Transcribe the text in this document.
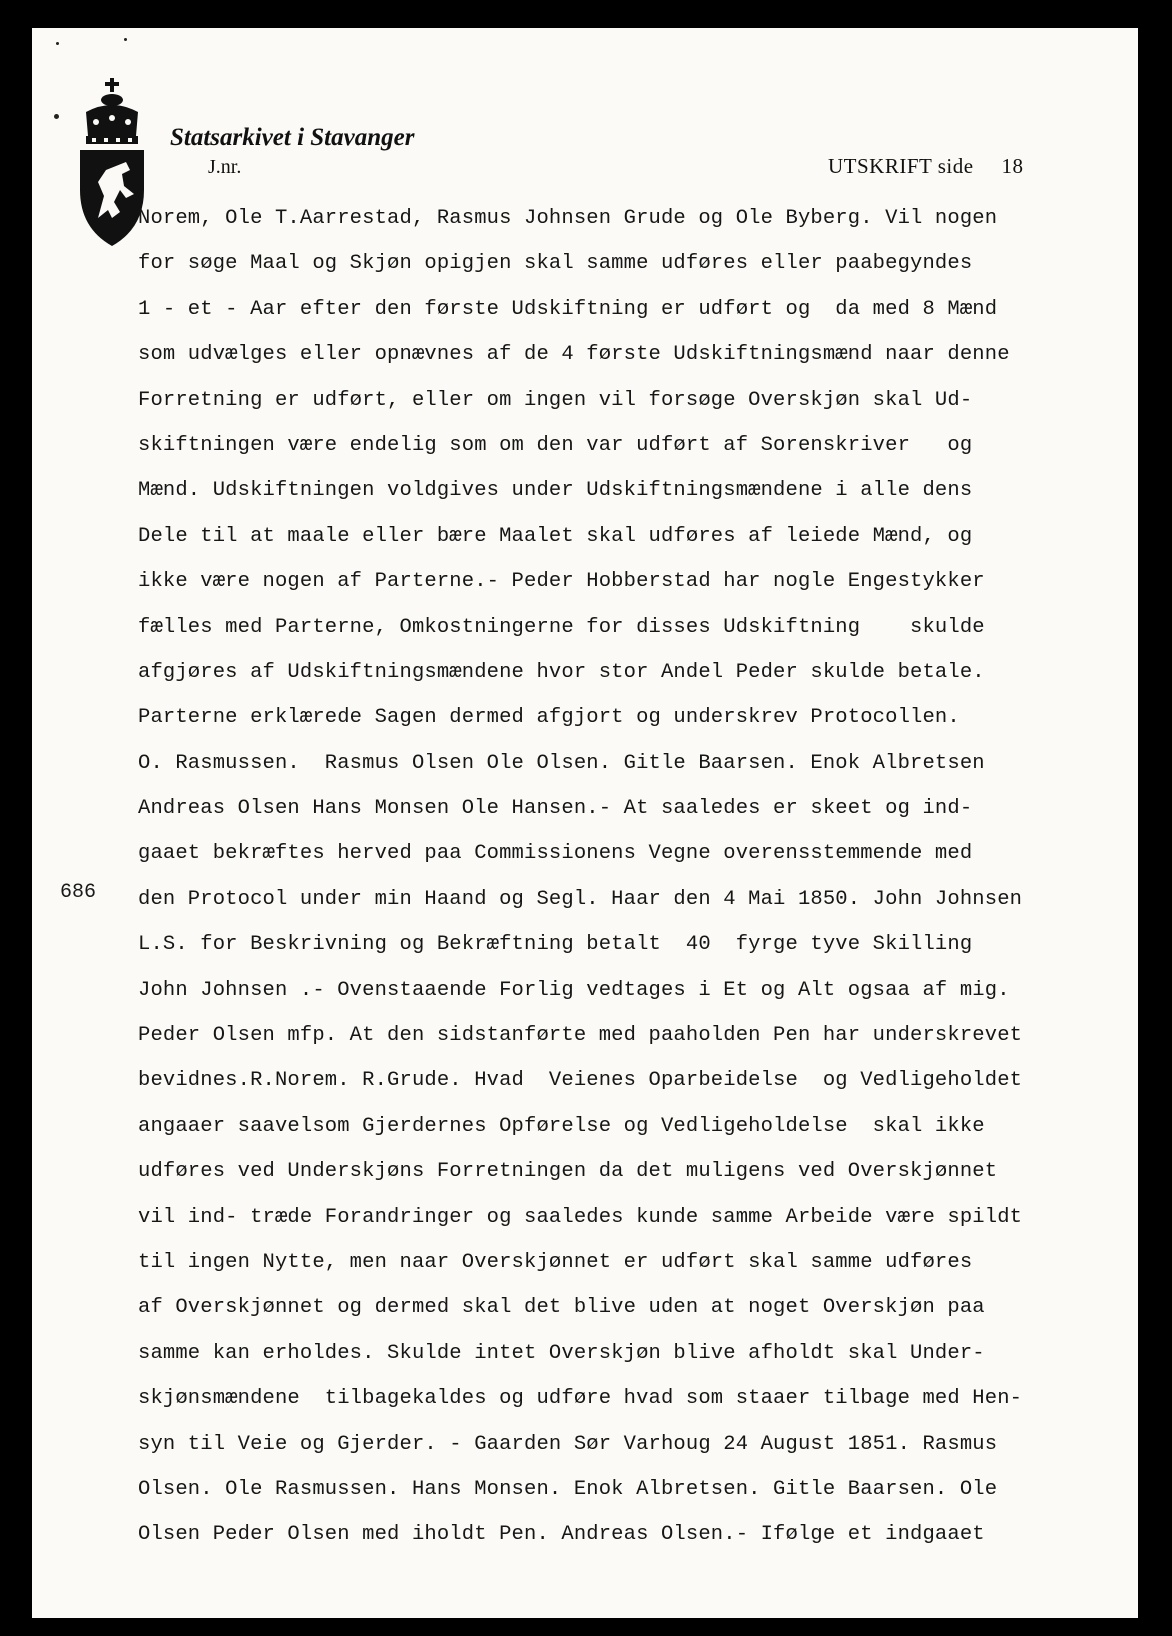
Statsarkivet i Stavanger
J.nr.	UTSKRIFT side 18
686
Norem, Ole T.Aarrestad, Rasmus Johnsen Grude og Ole Byberg. Vil nogen
for søge Maal og Skjøn opigjen skal samme udføres eller paabegyndes
1 - et - Aar efter den første Udskiftning er udført og  da med 8 Mænd
som udvælges eller opnævnes af de 4 første Udskiftningsmænd naar denne
Forretning er udført, eller om ingen vil forsøge Overskjøn skal Ud-
skiftningen være endelig som om den var udført af Sorenskriver   og
Mænd. Udskiftningen voldgives under Udskiftningsmændene i alle dens
Dele til at maale eller bære Maalet skal udføres af leiede Mænd, og
ikke være nogen af Parterne.- Peder Hobberstad har nogle Engestykker
fælles med Parterne, Omkostningerne for disses Udskiftning    skulde
afgjøres af Udskiftningsmændene hvor stor Andel Peder skulde betale.
Parterne erklærede Sagen dermed afgjort og underskrev Protocollen.
O. Rasmussen.  Rasmus Olsen Ole Olsen. Gitle Baarsen. Enok Albretsen
Andreas Olsen Hans Monsen Ole Hansen.- At saaledes er skeet og ind-
gaaet bekræftes herved paa Commissionens Vegne overensstemmende med
den Protocol under min Haand og Segl. Haar den 4 Mai 1850. John Johnsen
L.S. for Beskrivning og Bekræftning betalt  40  fyrge tyve Skilling
John Johnsen .- Ovenstaaende Forlig vedtages i Et og Alt ogsaa af mig.
Peder Olsen mfp. At den sidstanførte med paaholden Pen har underskrevet
bevidnes.R.Norem. R.Grude. Hvad  Veienes Oparbeidelse  og Vedligeholdet
angaaer saavelsom Gjerdernes Opførelse og Vedligeholdelse  skal ikke
udføres ved Underskjøns Forretningen da det muligens ved Overskjønnet
vil ind- træde Forandringer og saaledes kunde samme Arbeide være spildt
til ingen Nytte, men naar Overskjønnet er udført skal samme udføres
af Overskjønnet og dermed skal det blive uden at noget Overskjøn paa
samme kan erholdes. Skulde intet Overskjøn blive afholdt skal Under-
skjønsmændene  tilbagekaldes og udføre hvad som staaer tilbage med Hen-
syn til Veie og Gjerder. - Gaarden Sør Varhoug 24 August 1851. Rasmus
Olsen. Ole Rasmussen. Hans Monsen. Enok Albretsen. Gitle Baarsen. Ole
Olsen Peder Olsen med iholdt Pen. Andreas Olsen.- Ifølge et indgaaet
